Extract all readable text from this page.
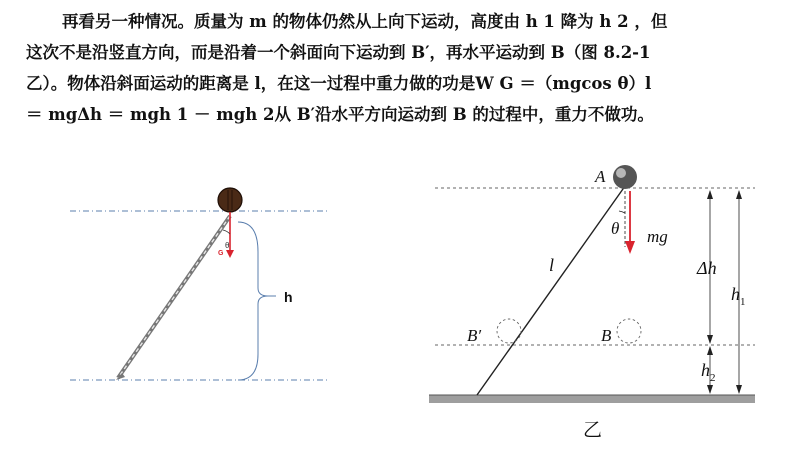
再看另一种情况。质量为 m 的物体仍然从上向下运动，高度由 h 1 降为 h 2 ，但
这次不是沿竖直方向，而是沿着一个斜面向下运动到 B′，再水平运动到 B（图 8.2-1
乙）。物体沿斜面运动的距离是 l，在这一过程中重力做的功是W G ＝（mgcos θ）l
＝ mgΔh ＝ mgh 1 － mgh 2从 B′沿水平方向运动到 B 的过程中，重力不做功。

θ
G
h
A
θ mg
l
B′	B
Δh
$h_2$
$h_1$
乙
